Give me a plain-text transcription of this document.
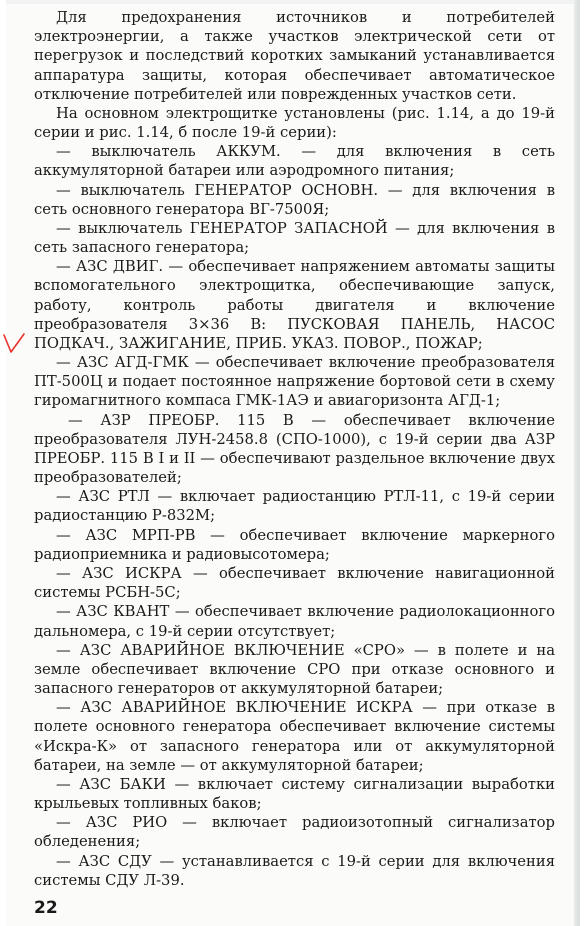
Для предохранения источников и потребителей электроэнергии, а также участков электрической сети от перегрузок и последствий коротких замыканий устанавливается аппаратура защиты, которая обеспечивает автоматическое отключение потребителей или поврежденных участков сети.

На основном электрощитке установлены (рис. 1.14, а до 19-й серии и рис. 1.14, б после 19-й серии):

— выключатель АККУМ. — для включения в сеть аккумуляторной батареи или аэродромного питания;

— выключатель ГЕНЕРАТОР ОСНОВН. — для включения в сеть основного генератора ВГ-7500Я;

— выключатель ГЕНЕРАТОР ЗАПАСНОЙ — для включения в сеть запасного генератора;

— АЗС ДВИГ. — обеспечивает напряжением автоматы защиты вспомогательного электрощитка, обеспечивающие запуск, работу, контроль работы двигателя и включение преобразователя 3×36 В: ПУСКОВАЯ ПАНЕЛЬ, НАСОС ПОДКАЧ., ЗАЖИГАНИЕ, ПРИБ. УКАЗ. ПОВОР., ПОЖАР;

— АЗС АГД-ГМК — обеспечивает включение преобразователя ПТ-500Ц и подает постоянное напряжение бортовой сети в схему гиромагнитного компаса ГМК-1АЭ и авиагоризонта АГД-1;

— АЗР ПРЕОБР. 115 В — обеспечивает включение преобразователя ЛУН-2458.8 (СПО-1000), с 19-й серии два АЗР ПРЕОБР. 115 В I и II — обеспечивают раздельное включение двух преобразователей;

— АЗС РТЛ — включает радиостанцию РТЛ-11, с 19-й серии радиостанцию Р-832М;

— АЗС МРП-РВ — обеспечивает включение маркерного радиоприемника и радиовысотомера;

— АЗС ИСКРА — обеспечивает включение навигационной системы РСБН-5С;

— АЗС КВАНТ — обеспечивает включение радиолокационного дальномера, с 19-й серии отсутствует;

— АЗС АВАРИЙНОЕ ВКЛЮЧЕНИЕ «СРО» — в полете и на земле обеспечивает включение СРО при отказе основного и запасного генераторов от аккумуляторной батареи;

— АЗС АВАРИЙНОЕ ВКЛЮЧЕНИЕ ИСКРА — при отказе в полете основного генератора обеспечивает включение системы «Искра-К» от запасного генератора или от аккумуляторной батареи, на земле — от аккумуляторной батареи;

— АЗС БАКИ — включает систему сигнализации выработки крыльевых топливных баков;

— АЗС РИО — включает радиоизотопный сигнализатор обледенения;

— АЗС СДУ — устанавливается с 19-й серии для включения системы СДУ Л-39.

22
